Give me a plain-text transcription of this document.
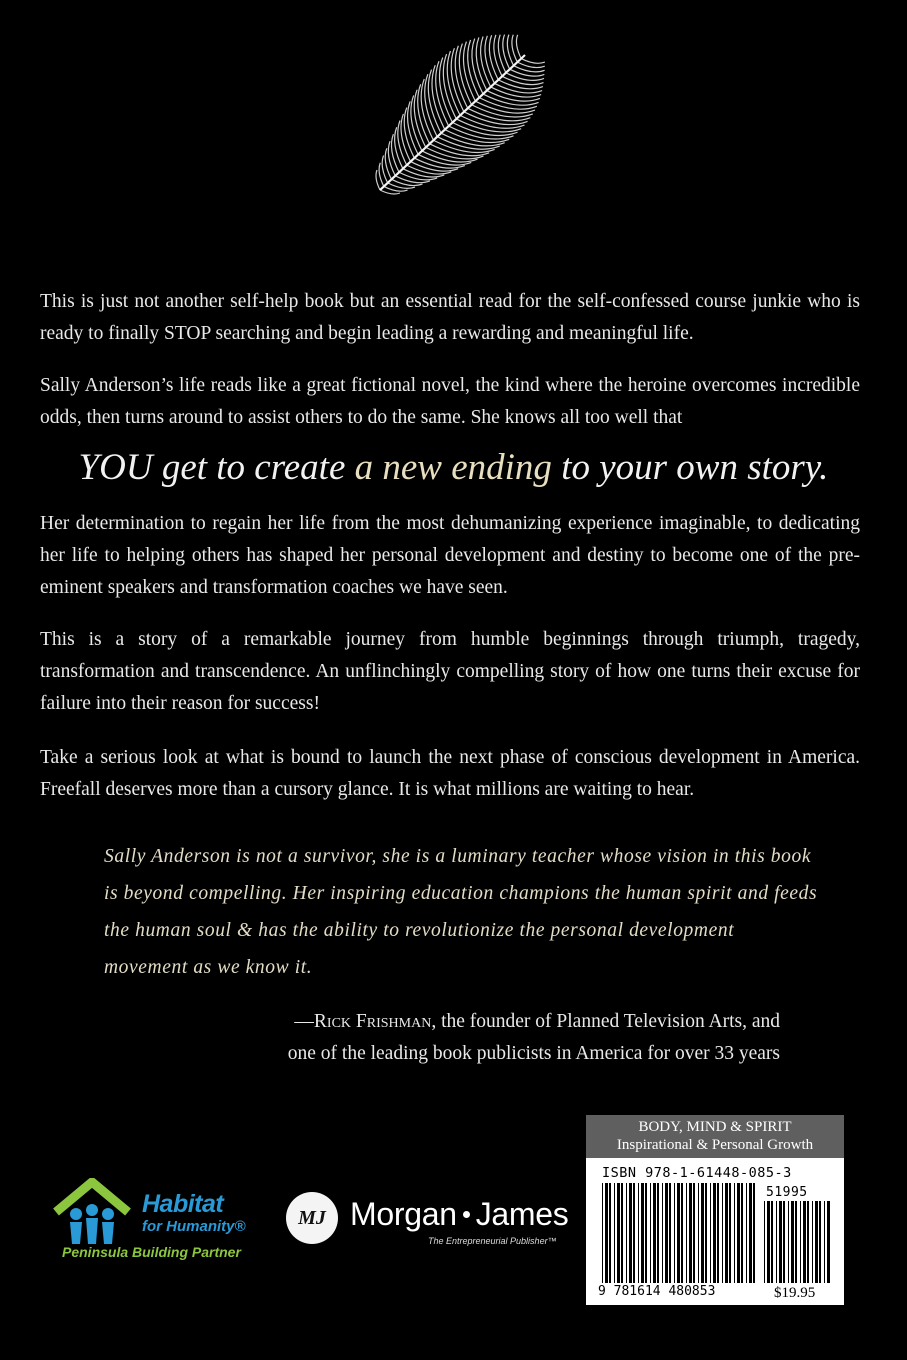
This is just not another self-help book but an essential read for the self-confessed course junkie who is ready to finally STOP searching and begin leading a rewarding and meaningful life.
Sally Anderson’s life reads like a great fictional novel, the kind where the heroine overcomes incredible odds, then turns around to assist others to do the same. She knows all too well that
YOU get to create a new ending to your own story.
Her determination to regain her life from the most dehumanizing experience imaginable, to dedicating her life to helping others has shaped her personal development and destiny to become one of the pre-eminent speakers and transformation coaches we have seen.
This is a story of a remarkable journey from humble beginnings through triumph, tragedy, transformation and transcendence. An unflinchingly compelling story of how one turns their excuse for failure into their reason for success!
Take a serious look at what is bound to launch the next phase of conscious development in America. Freefall deserves more than a cursory glance. It is what millions are waiting to hear.
Sally Anderson is not a survivor, she is a luminary teacher whose vision in this book is beyond compelling. Her inspiring education champions the human spirit and feeds the human soul & has the ability to revolutionize the personal development movement as we know it.
—Rick Frishman, the founder of Planned Television Arts, and
one of the leading book publicists in America for over 33 years
Habitat
for Humanity®
Peninsula Building Partner
MJ Morgan James
The Entrepreneurial Publisher™
BODY, MIND & SPIRIT
Inspirational & Personal Growth
ISBN 978-1-61448-085-3
51995
9 781614 480853	$19.95
